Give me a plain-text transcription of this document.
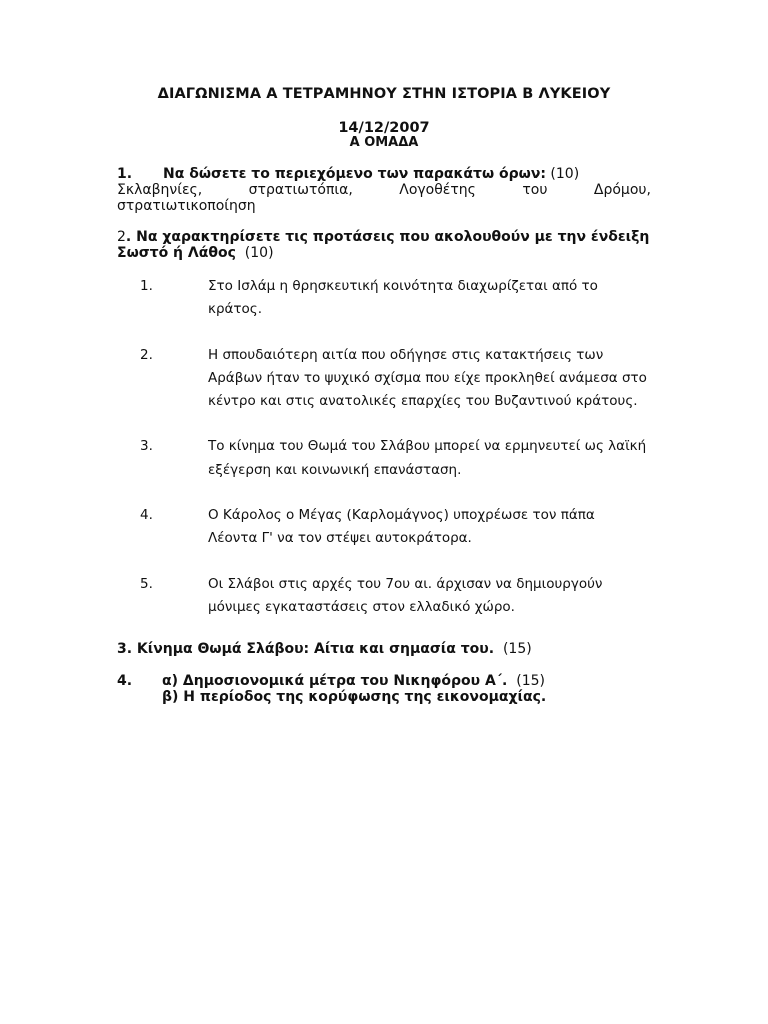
ΔΙΑΓΩΝΙΣΜΑ Α ΤΕΤΡΑΜΗΝΟΥ ΣΤΗΝ ΙΣΤΟΡΙΑ Β ΛΥΚΕΙΟΥ
14/12/2007
Α ΟΜΑΔΑ
1.	Να δώσετε το περιεχόμενο των παρακάτω όρων: (10)
Σκλαβηνίες,	στρατιωτόπια,	Λογοθέτης	του	Δρόμου,
στρατιωτικοποίηση
2. Να χαρακτηρίσετε τις προτάσεις που ακολουθούν με την ένδειξη Σωστό ή Λάθος (10)
1.	Στο Ισλάμ η θρησκευτική κοινότητα διαχωρίζεται από το κράτος.
2.	Η σπουδαιότερη αιτία που οδήγησε στις κατακτήσεις των Αράβων ήταν το ψυχικό σχίσμα που είχε προκληθεί ανάμεσα στο κέντρο και στις ανατολικές επαρχίες του Βυζαντινού κράτους.
3.	Το κίνημα του Θωμά του Σλάβου μπορεί να ερμηνευτεί ως λαϊκή εξέγερση και κοινωνική επανάσταση.
4.	Ο Κάρολος ο Μέγας (Καρλομάγνος) υποχρέωσε τον πάπα Λέοντα Γ' να τον στέψει αυτοκράτορα.
5.	Οι Σλάβοι στις αρχές του 7ου αι. άρχισαν να δημιουργούν μόνιμες εγκαταστάσεις στον ελλαδικό χώρο.
3. Κίνημα Θωμά Σλάβου: Αίτια και σημασία του. (15)
4.	α) Δημοσιονομικά μέτρα του Νικηφόρου Α΄. (15)
β) Η περίοδος της κορύφωσης της εικονομαχίας.
